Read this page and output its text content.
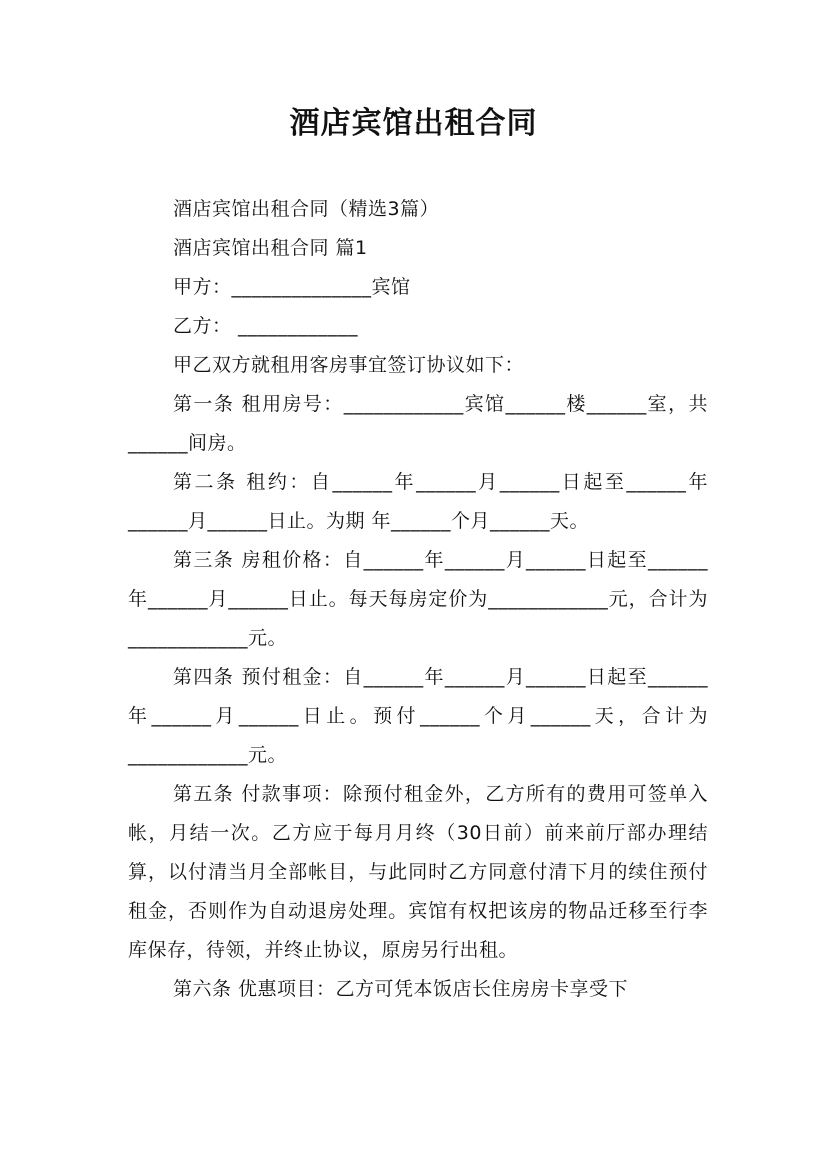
酒店宾馆出租合同

酒店宾馆出租合同（精选3篇）

酒店宾馆出租合同 篇1

甲方：______________宾馆

乙方： ____________

甲乙双方就租用客房事宜签订协议如下：

第一条 租用房号：____________宾馆______楼______室，共______间房。

第二条 租约：自______年______月______日起至______年______月______日止。为期 年______个月______天。

第三条 房租价格：自______年______月______日起至______年______月______日止。每天每房定价为____________元，合计为____________元。

第四条 预付租金：自______年______月______日起至______年______月______日止。预付______个月______天，合计为____________元。

第五条 付款事项：除预付租金外，乙方所有的费用可签单入帐，月结一次。乙方应于每月月终（30日前）前来前厅部办理结算，以付清当月全部帐目，与此同时乙方同意付清下月的续住预付租金，否则作为自动退房处理。宾馆有权把该房的物品迁移至行李库保存，待领，并终止协议，原房另行出租。

第六条 优惠项目：乙方可凭本饭店长住房房卡享受下
